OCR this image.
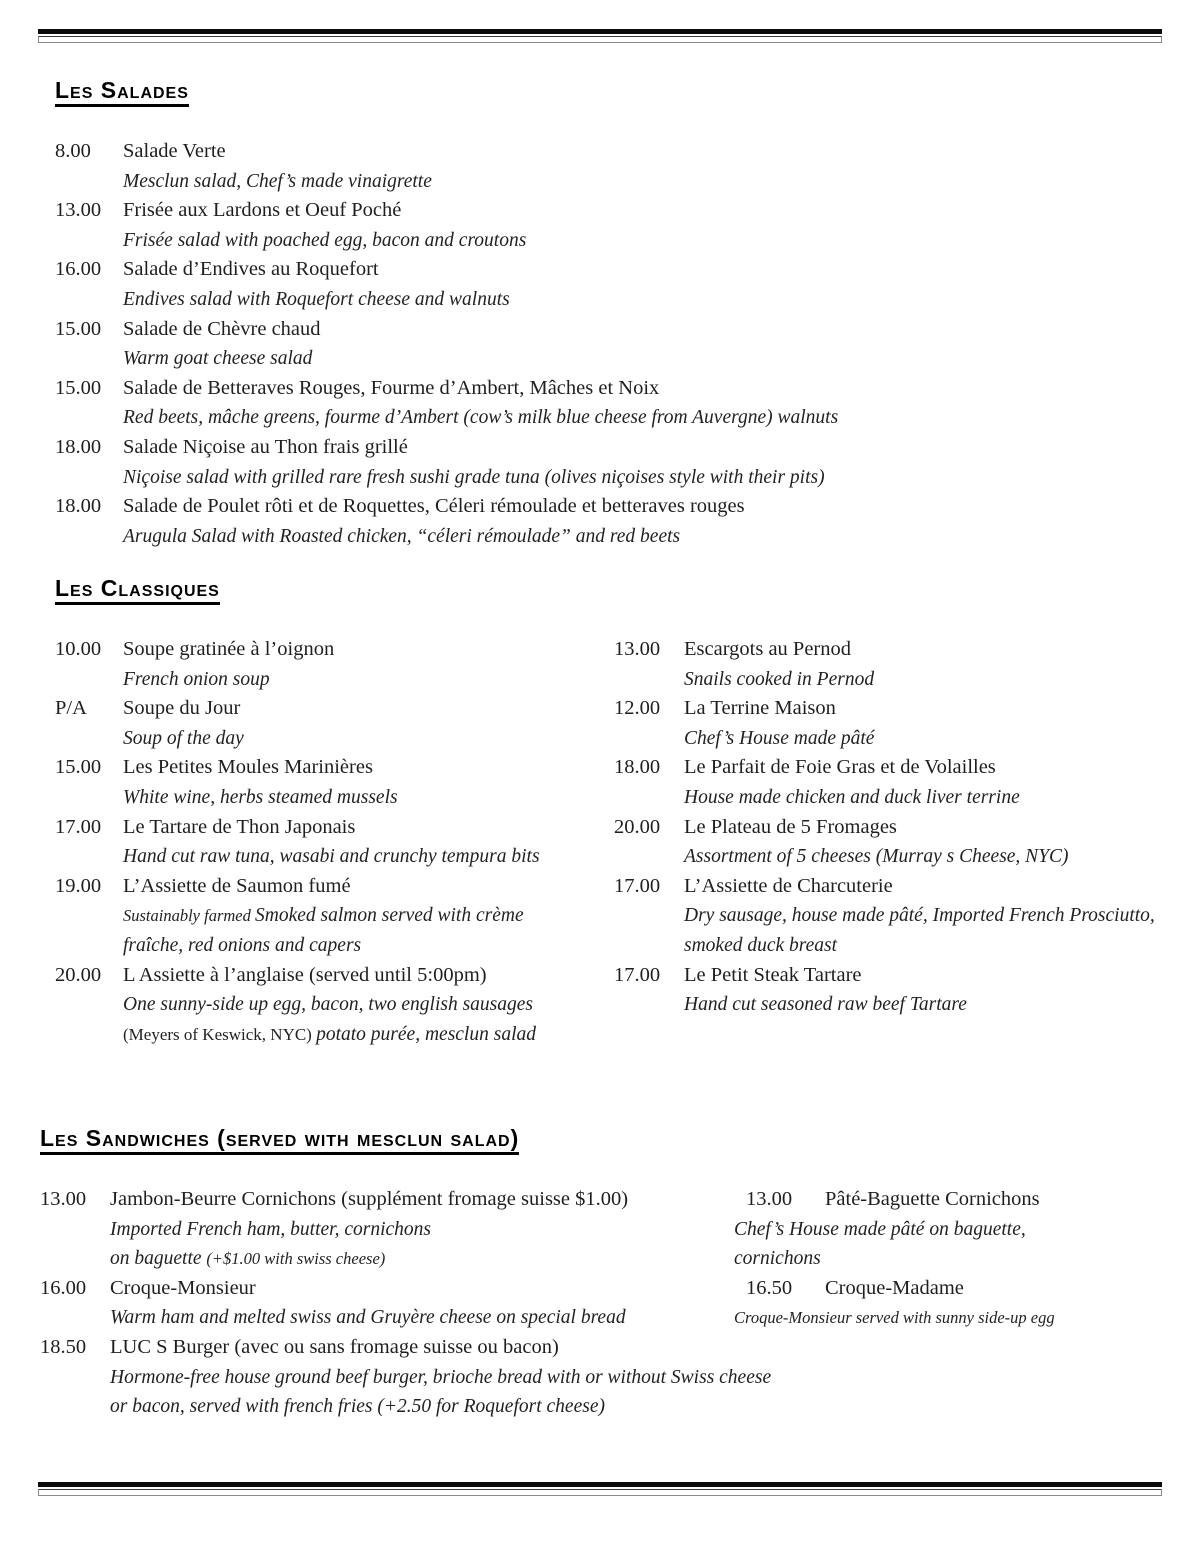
Les Salades
8.00	Salade Verte
Mesclun salad, Chef’s made vinaigrette
13.00	Frisée aux Lardons et Oeuf Poché
Frisée salad with poached egg, bacon and croutons
16.00	Salade d’Endives au Roquefort
Endives salad with Roquefort cheese and walnuts
15.00	Salade de Chèvre chaud
Warm goat cheese salad
15.00	Salade de Betteraves Rouges, Fourme d’Ambert, Mâches et Noix
Red beets, mâche greens, fourme d’Ambert (cow’s milk blue cheese from Auvergne) walnuts
18.00	Salade Niçoise au Thon frais grillé
Niçoise salad with grilled rare fresh sushi grade tuna (olives niçoises style with their pits)
18.00	Salade de Poulet rôti et de Roquettes, Céleri rémoulade et betteraves rouges
Arugula Salad with Roasted chicken, “céleri rémoulade” and red beets
Les Classiques
10.00	Soupe gratinée à l’oignon
French onion soup
P/A	Soupe du Jour
Soup of the day
15.00	Les Petites Moules Marinières
White wine, herbs steamed mussels
17.00	Le Tartare de Thon Japonais
Hand cut raw tuna, wasabi and crunchy tempura bits
19.00	L’Assiette de Saumon fumé
Sustainably farmed Smoked salmon served with crème
fraîche, red onions and capers
20.00	L Assiette à l’anglaise (served until 5:00pm)
One sunny-side up egg, bacon, two english sausages
(Meyers of Keswick, NYC) potato purée, mesclun salad
13.00	Escargots au Pernod
Snails cooked in Pernod
12.00	La Terrine Maison
Chef’s House made pâté
18.00	Le Parfait de Foie Gras et de Volailles
House made chicken and duck liver terrine
20.00	Le Plateau de 5 Fromages
Assortment of 5 cheeses (Murray s Cheese, NYC)
17.00	L’Assiette de Charcuterie
Dry sausage, house made pâté, Imported French Prosciutto,
smoked duck breast
17.00	Le Petit Steak Tartare
Hand cut seasoned raw beef Tartare
Les Sandwiches (served with mesclun salad)
13.00	Jambon-Beurre Cornichons (supplément fromage suisse $1.00)
Imported French ham, butter, cornichons
on baguette (+$1.00 with swiss cheese)
16.00	Croque-Monsieur
Warm ham and melted swiss and Gruyère cheese on special bread
18.50	LUC S Burger (avec ou sans fromage suisse ou bacon)
Hormone-free house ground beef burger, brioche bread with or without Swiss cheese
or bacon, served with french fries (+2.50 for Roquefort cheese)
13.00	Pâté-Baguette Cornichons
Chef’s House made pâté on baguette,
cornichons
16.50	Croque-Madame
Croque-Monsieur served with sunny side-up egg
